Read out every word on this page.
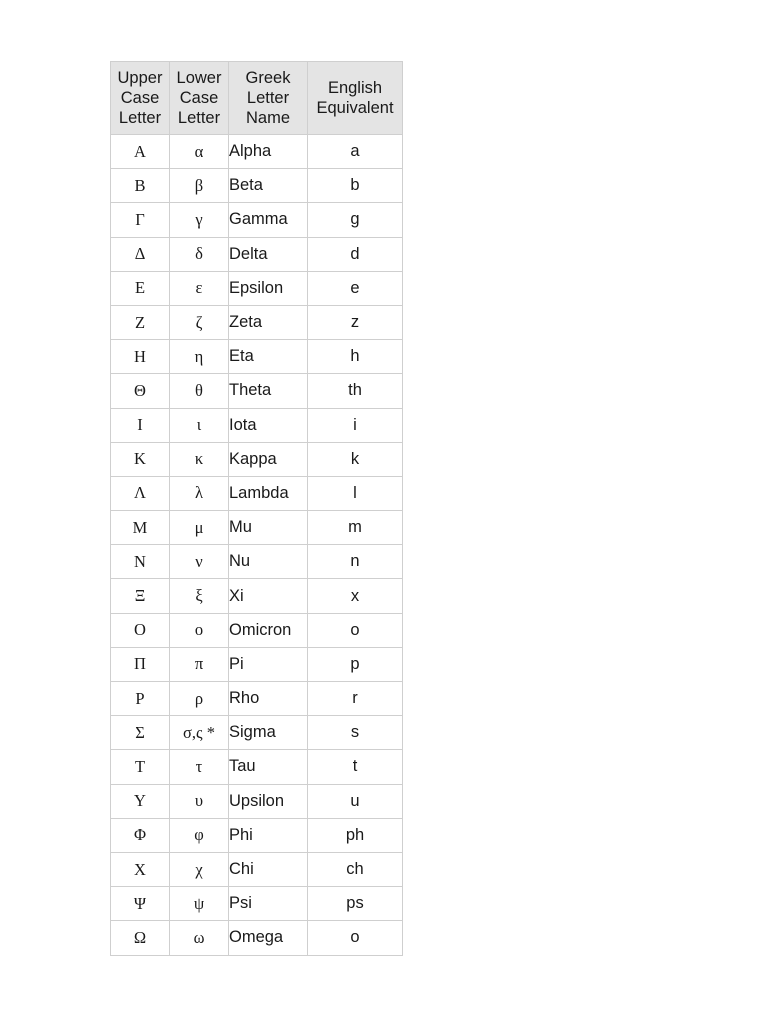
Upper
Case
Letter	Lower
Case
Letter	Greek
Letter
Name	English
Equivalent
Α	α	Alpha	a
Β	β	Beta	b
Γ	γ	Gamma	g
Δ	δ	Delta	d
Ε	ε	Epsilon	e
Ζ	ζ	Zeta	z
Η	η	Eta	h
Θ	θ	Theta	th
Ι	ι	Iota	i
Κ	κ	Kappa	k
Λ	λ	Lambda	l
Μ	μ	Mu	m
Ν	ν	Nu	n
Ξ	ξ	Xi	x
Ο	ο	Omicron	o
Π	π	Pi	p
Ρ	ρ	Rho	r
Σ	σ,ς *	Sigma	s
Τ	τ	Tau	t
Υ	υ	Upsilon	u
Φ	φ	Phi	ph
Χ	χ	Chi	ch
Ψ	ψ	Psi	ps
Ω	ω	Omega	o
